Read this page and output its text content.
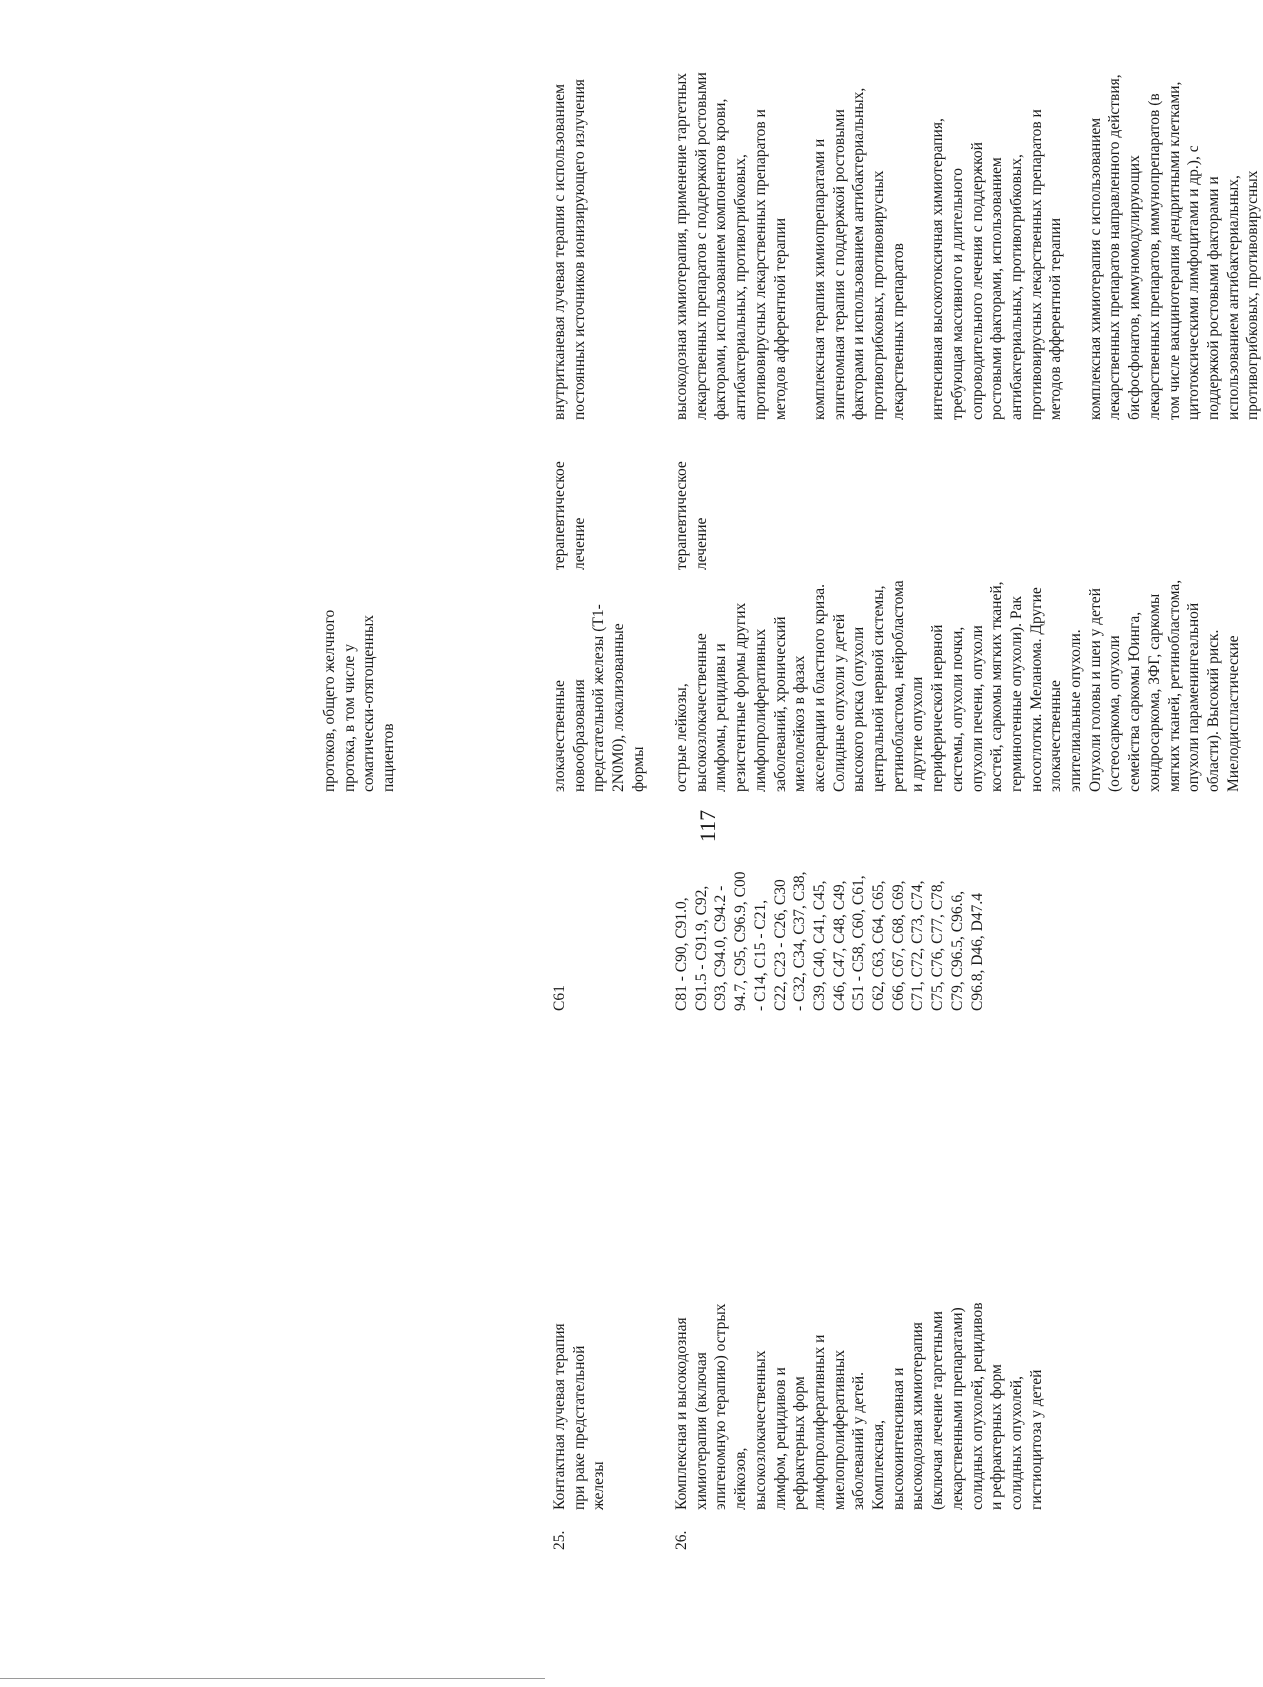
117
протоков, общего желчного протока, в том числе у соматически-отягощенных пациентов
25.
Контактная лучевая терапия при раке предстательной железы
C61
злокачественные новообразования предстательной железы (T1- 2N0M0), локализованные формы
терапевтическое лечение
внутритканевая лучевая терапия с использованием постоянных источников ионизирующего излучения
26.
Комплексная и высокодозная химиотерапия (включая эпигеномную терапию) острых лейкозов, высокозлокачественных лимфом, рецидивов и рефрактерных форм лимфопролиферативных и миелопролиферативных заболеваний у детей. Комплексная, высокоинтенсивная и высокодозная химиотерапия (включая лечение таргетными лекарственными препаратами) солидных опухолей, рецидивов и рефрактерных форм солидных опухолей, гистиоцитоза у детей
C81 - C90, C91.0, C91.5 - C91.9, C92, C93, C94.0, C94.2 - 94.7, C95, C96.9, C00 - C14, C15 - C21, C22, C23 - C26, C30 - C32, C34, C37, C38, C39, C40, C41, C45, C46, C47, C48, C49, C51 - C58, C60, C61, C62, C63, C64, C65, C66, C67, C68, C69, C71, C72, C73, C74, C75, C76, C77, C78, C79, C96.5, C96.6, C96.8, D46, D47.4
острые лейкозы, высокозлокачественные лимфомы, рецидивы и резистентные формы других лимфопролиферативных заболеваний, хронический миелолейкоз в фазах акселерации и бластного криза. Солидные опухоли у детей высокого риска (опухоли центральной нервной системы, ретинобластома, нейробластома и другие опухоли периферической нервной системы, опухоли почки, опухоли печени, опухоли костей, саркомы мягких тканей, герминогенные опухоли). Рак носоглотки. Меланома. Другие злокачественные эпителиальные опухоли. Опухоли головы и шеи у детей (остеосаркома, опухоли семейства саркомы Юинга, хондросаркома, ЗФГ, саркомы мягких тканей, ретинобластома, опухоли параменингеальной области). Высокий риск. Миелодиспластические
терапевтическое лечение
высокодозная химиотерапия, применение таргетных лекарственных препаратов с поддержкой ростовыми факторами, использованием компонентов крови, антибактериальных, противогрибковых, противовирусных лекарственных препаратов и методов афферентной терапии комплексная терапия химиопрепаратами и эпигеномная терапия с поддержкой ростовыми факторами и использованием антибактериальных, противогрибковых, противовирусных лекарственных препаратов интенсивная высокотоксичная химиотерапия, требующая массивного и длительного сопроводительного лечения с поддержкой ростовыми факторами, использованием антибактериальных, противогрибковых, противовирусных лекарственных препаратов и методов афферентной терапии комплексная химиотерапия с использованием лекарственных препаратов направленного действия, бисфосфонатов, иммуномодулирующих лекарственных препаратов, иммунопрепаратов (в том числе вакцинотерапия дендритными клетками, цитотоксическими лимфоцитами и др.), с поддержкой ростовыми факторами и использованием антибактериальных, противогрибковых, противовирусных
